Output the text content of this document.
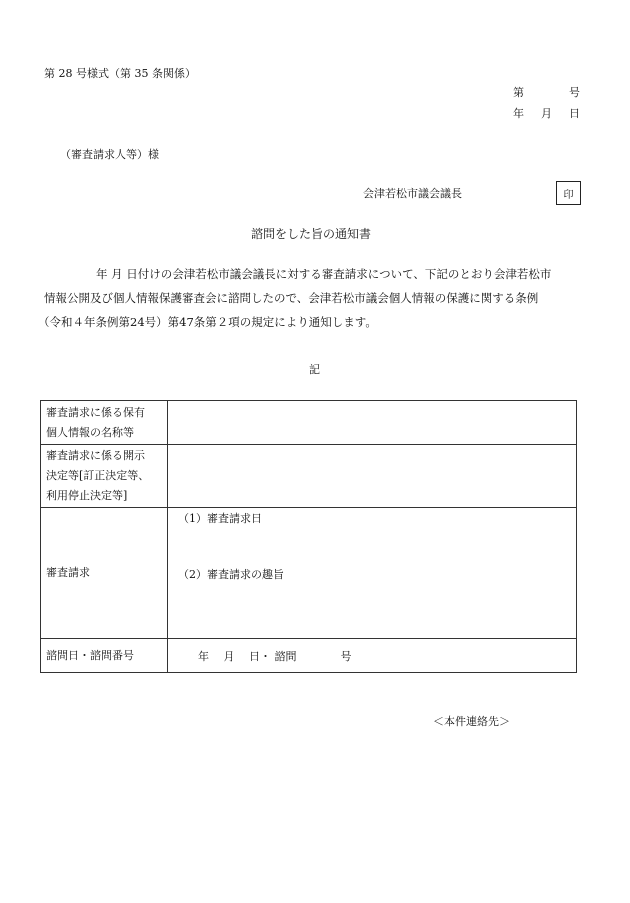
第 28 号様式（第 35 条関係）
第	号
年 月 日
（審査請求人等）様
会津若松市議会議長	印
諮問をした旨の通知書
年 月 日付けの会津若松市議会議長に対する審査請求について、下記のとおり会津若松市
情報公開及び個人情報保護審査会に諮問したので、会津若松市議会個人情報の保護に関する条例
（令和４年条例第24号）第47条第２項の規定により通知します。
記
審査請求に係る保有
個人情報の名称等	

審査請求に係る開示
決定等[訂正決定等、
利用停止決定等]	

審査請求	（1）審査請求日
（2）審査請求の趣旨

諮問日・諮問番号	年　 月　 日・ 諮問　　　　号
＜本件連絡先＞
